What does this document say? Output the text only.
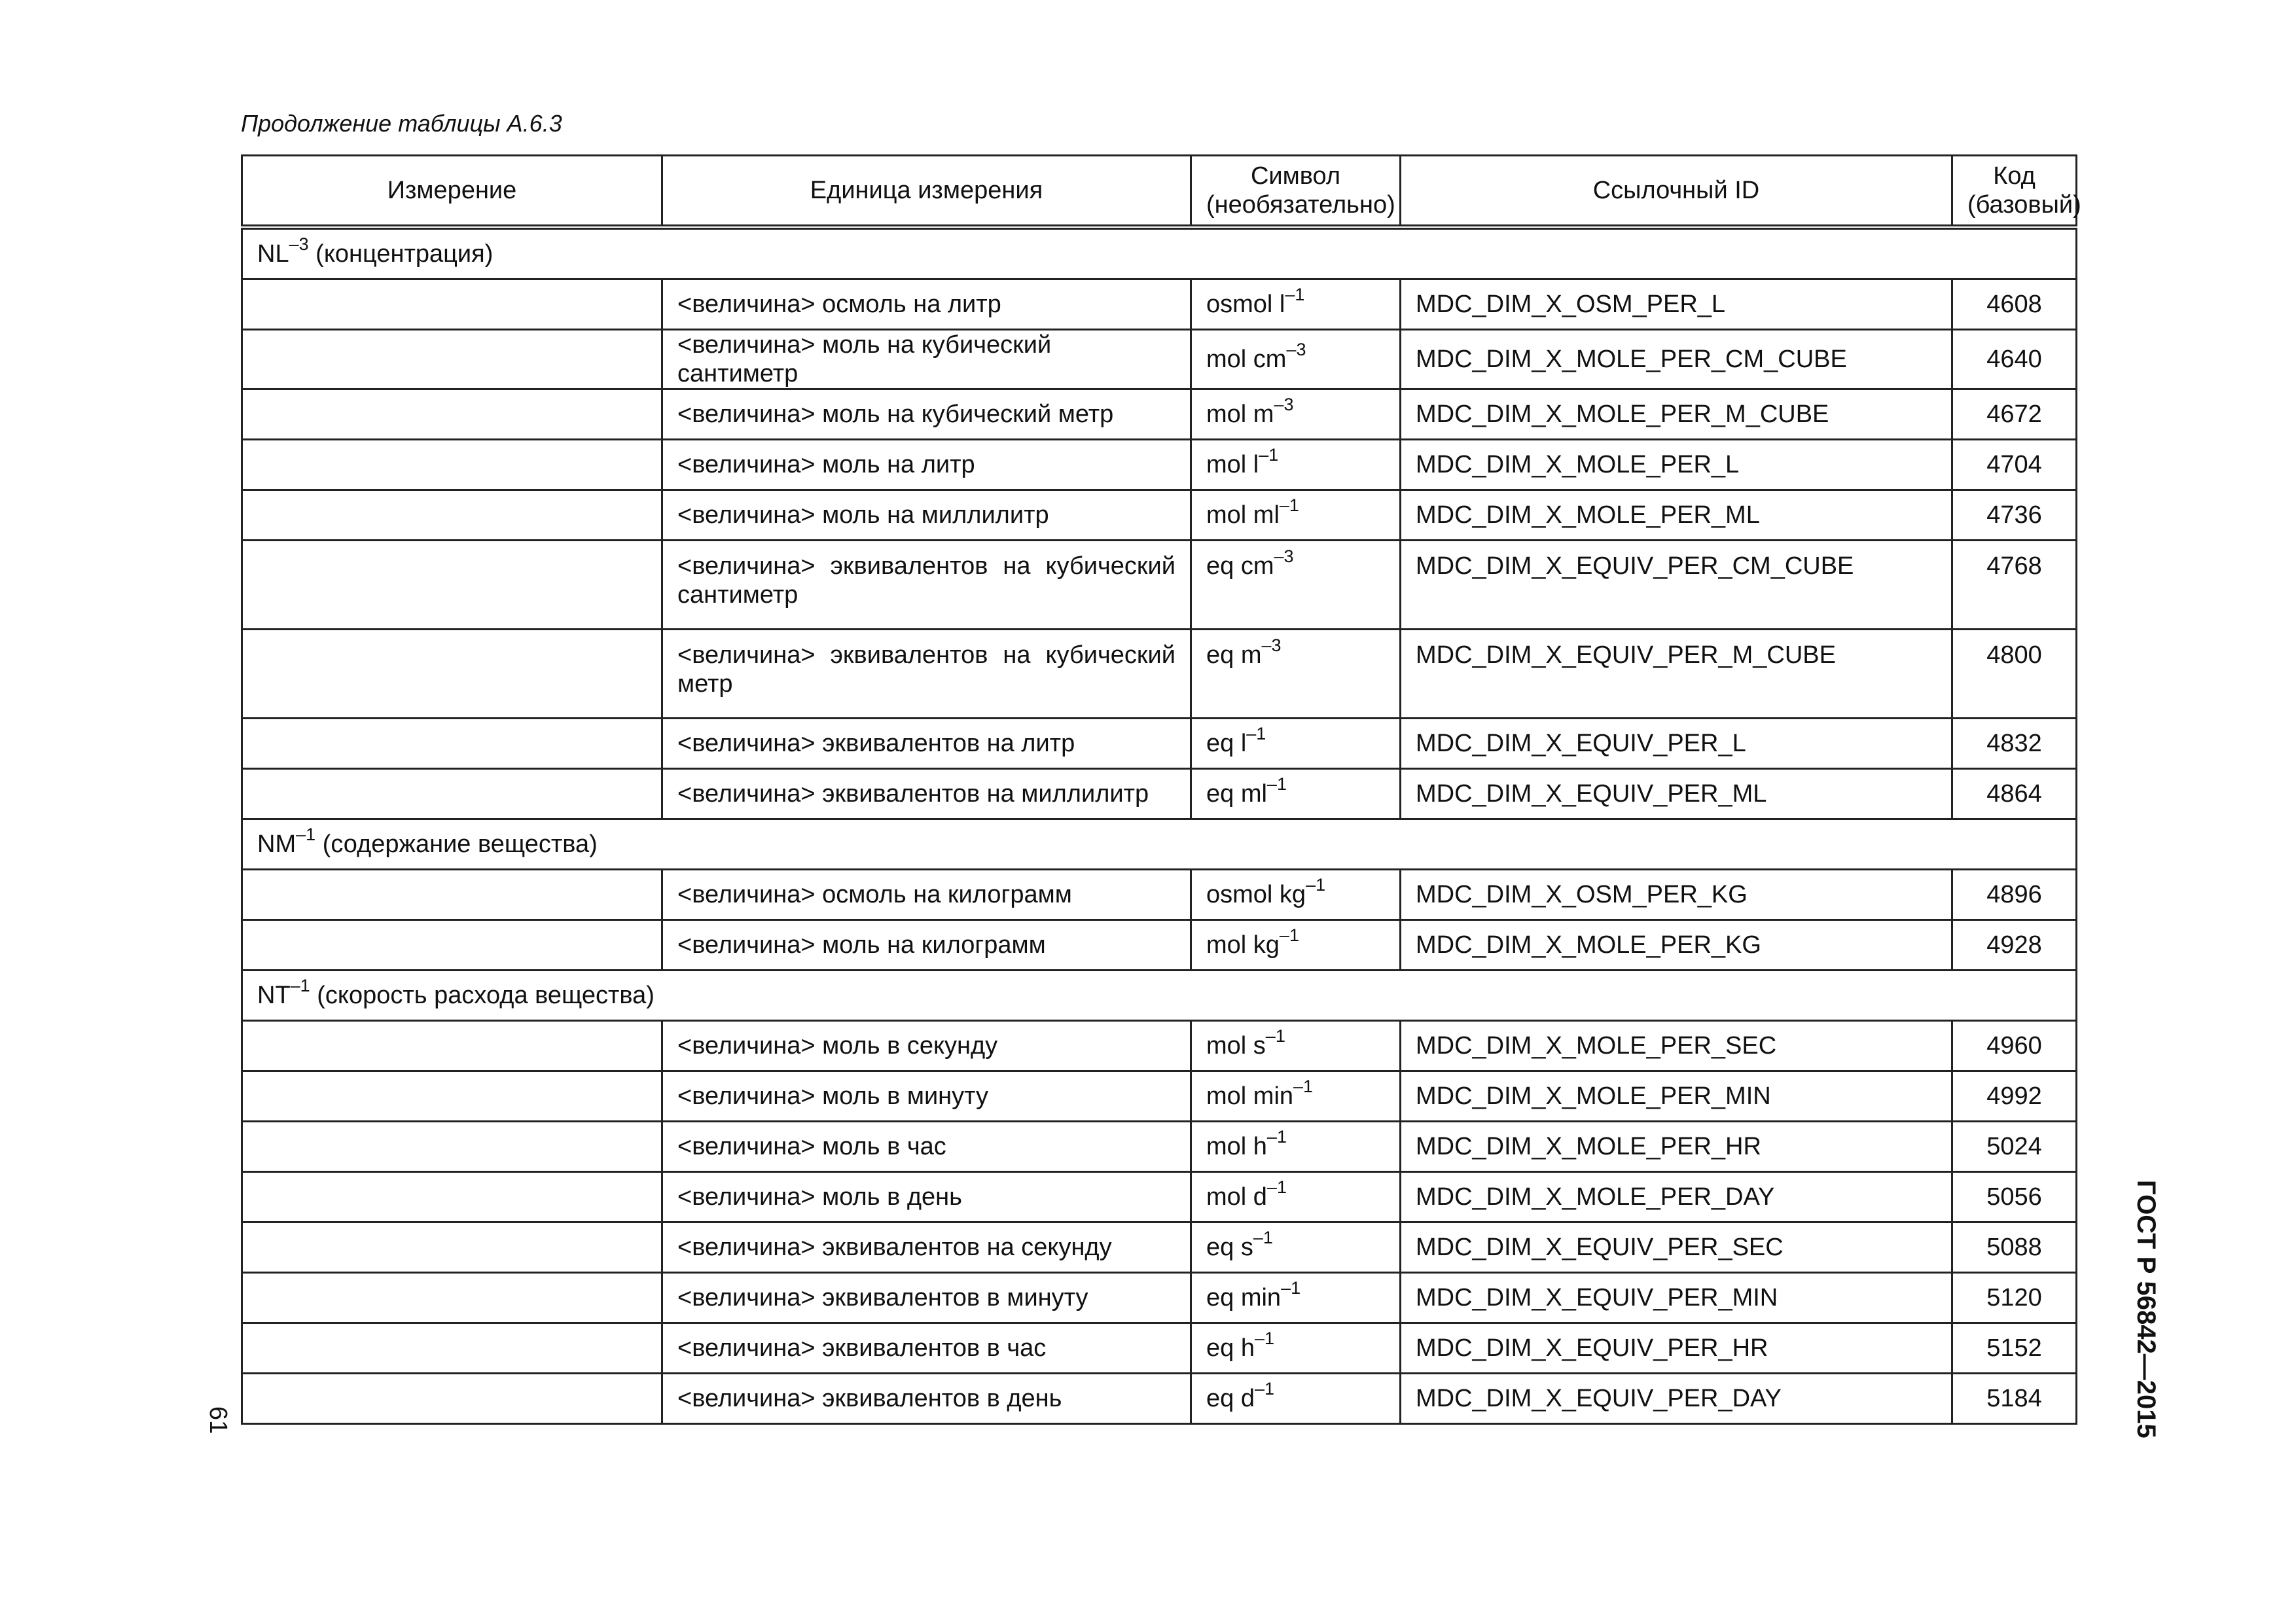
Продолжение таблицы А.6.3
Измерение	Единица измерения	Символ (необязательно)	Ссылочный ID	Код (базовый)
$NL^{-3}$ (концентрация)				
	<величина> осмоль на литр	osmol $l^{-1}$	MDC_DIM_X_OSM_PER_L	4608
	<величина> моль на кубический сантиметр	mol $cm^{-3}$	MDC_DIM_X_MOLE_PER_CM_CUBE	4640
	<величина> моль на кубический метр	mol $m^{-3}$	MDC_DIM_X_MOLE_PER_M_CUBE	4672
	<величина> моль на литр	mol $l^{-1}$	MDC_DIM_X_MOLE_PER_L	4704
	<величина> моль на миллилитр	mol $ml^{-1}$	MDC_DIM_X_MOLE_PER_ML	4736
	<величина> эквивалентов на кубический сантиметр	eq $cm^{-3}$	MDC_DIM_X_EQUIV_PER_CM_CUBE	4768
	<величина> эквивалентов на кубический метр	eq $m^{-3}$	MDC_DIM_X_EQUIV_PER_M_CUBE	4800
	<величина> эквивалентов на литр	eq $l^{-1}$	MDC_DIM_X_EQUIV_PER_L	4832
	<величина> эквивалентов на миллилитр	eq $ml^{-1}$	MDC_DIM_X_EQUIV_PER_ML	4864
$NM^{-1}$ (содержание вещества)				
	<величина> осмоль на килограмм	osmol $kg^{-1}$	MDC_DIM_X_OSM_PER_KG	4896
	<величина> моль на килограмм	mol $kg^{-1}$	MDC_DIM_X_MOLE_PER_KG	4928
$NT^{-1}$ (скорость расхода вещества)				
	<величина> моль в секунду	mol $s^{-1}$	MDC_DIM_X_MOLE_PER_SEC	4960
	<величина> моль в минуту	mol $\min^{-1}$	MDC_DIM_X_MOLE_PER_MIN	4992
	<величина> моль в час	mol $h^{-1}$	MDC_DIM_X_MOLE_PER_HR	5024
	<величина> моль в день	mol $d^{-1}$	MDC_DIM_X_MOLE_PER_DAY	5056
	<величина> эквивалентов на секунду	eq $s^{-1}$	MDC_DIM_X_EQUIV_PER_SEC	5088
	<величина> эквивалентов в минуту	eq $\min^{-1}$	MDC_DIM_X_EQUIV_PER_MIN	5120
	<величина> эквивалентов в час	eq $h^{-1}$	MDC_DIM_X_EQUIV_PER_HR	5152
	<величина> эквивалентов в день	eq $d^{-1}$	MDC_DIM_X_EQUIV_PER_DAY	5184	ГОСТ Р 56842—2015
61
